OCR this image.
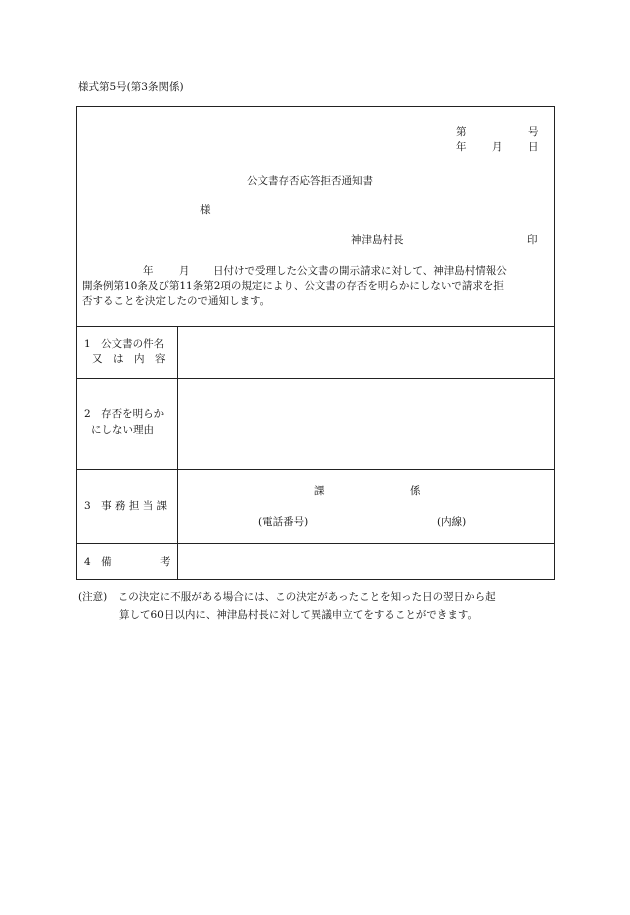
様式第5号(第3条関係)
第	号
年 月 日
公文書存否応答拒否通知書
様
神津島村長	印
年 月 日付けで受理した公文書の開示請求に対して、神津島村情報公
開条例第10条及び第11条第2項の規定により、公文書の存否を明らかにしないで請求を拒
否することを決定したので通知します。
1　公文書の件名
又　は　内　容
2　存否を明らか
にしない理由
3　事 務 担 当 課
課	係
(電話番号)	(内線)
4　備	考
(注意)　この決定に不服がある場合には、この決定があったことを知った日の翌日から起
算して60日以内に、神津島村長に対して異議申立てをすることができます。
